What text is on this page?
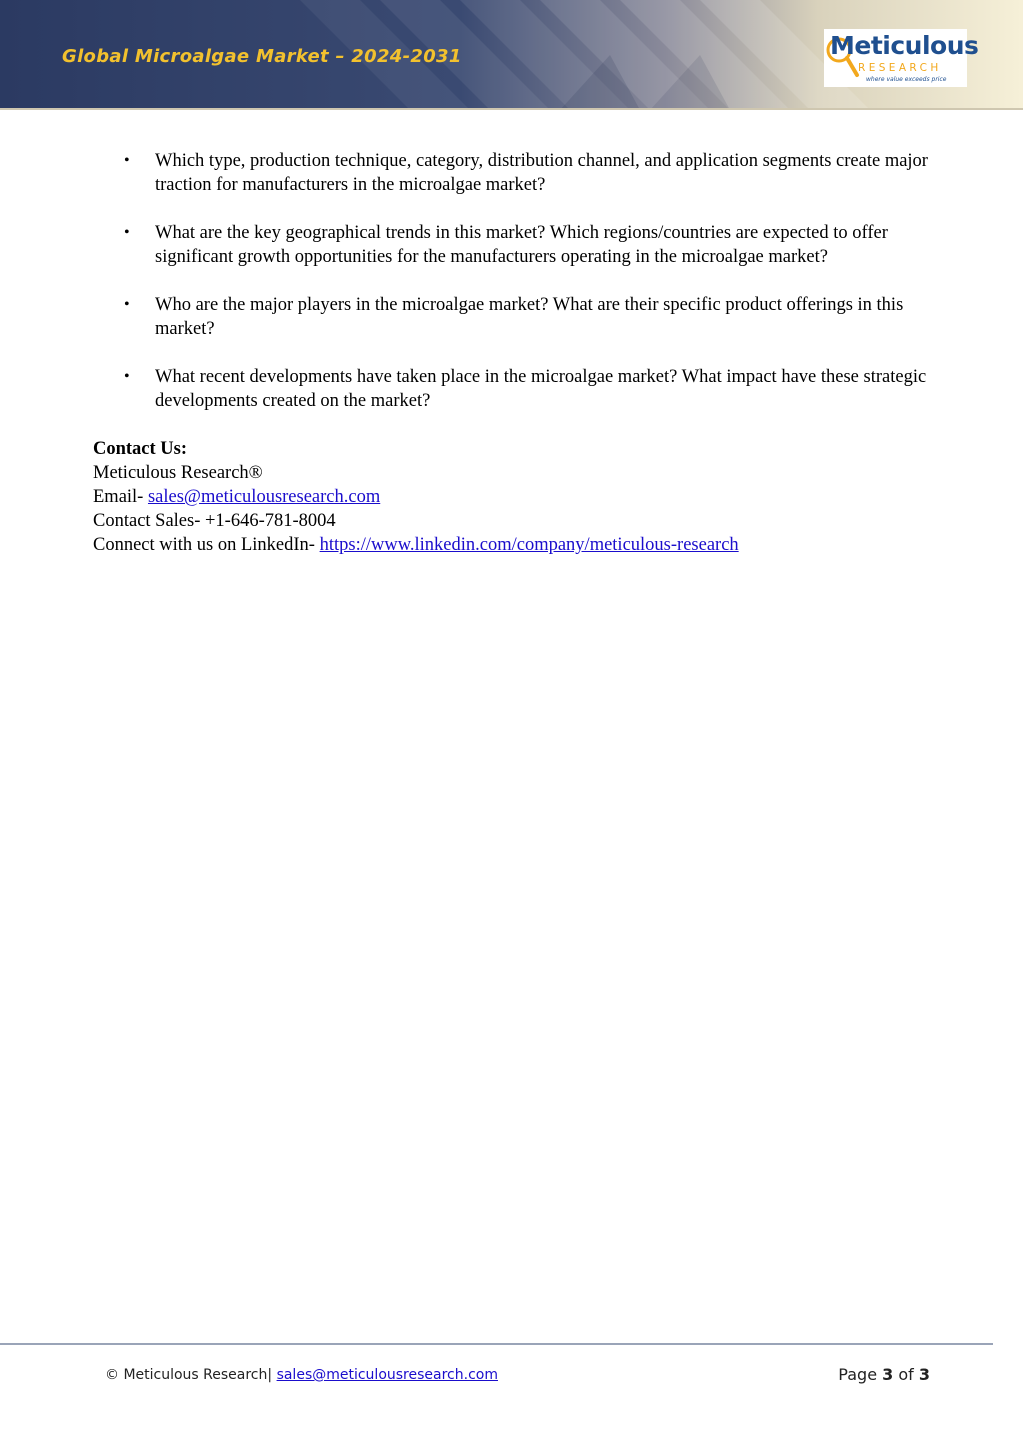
Global Microalgae Market – 2024-2031	Meticulous
RESEARCH
where value exceeds price
• Which type, production technique, category, distribution channel, and application segments create major traction for manufacturers in the microalgae market?
• What are the key geographical trends in this market? Which regions/countries are expected to offer significant growth opportunities for the manufacturers operating in the microalgae market?
• Who are the major players in the microalgae market? What are their specific product offerings in this market?
• What recent developments have taken place in the microalgae market? What impact have these strategic developments created on the market?
Contact Us:
Meticulous Research®
Email- sales@meticulousresearch.com
Contact Sales- +1-646-781-8004
Connect with us on LinkedIn- https://www.linkedin.com/company/meticulous-research
© Meticulous Research| sales@meticulousresearch.com	Page 3 of 3
